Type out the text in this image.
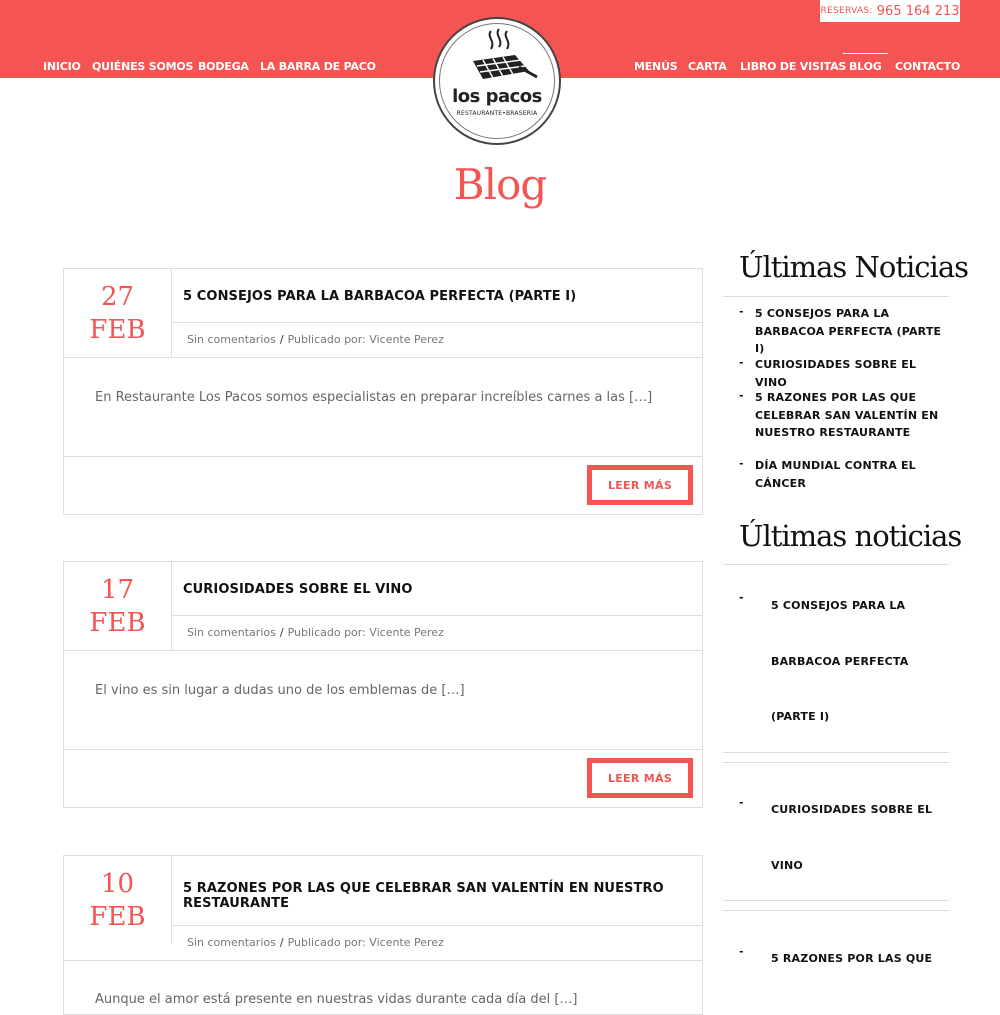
RESERVAS: 965 164 213
INICIO QUIÉNES SOMOS BODEGA LA BARRA DE PACO	MENÚS CARTA LIBRO DE VISITAS BLOG CONTACTO
los pacos
RESTAURANTE•BRASERIA
Blog
27
FEB
5 CONSEJOS PARA LA BARBACOA PERFECTA (PARTE I)
Sin comentarios / Publicado por: Vicente Perez
En Restaurante Los Pacos somos especialistas en preparar increíbles carnes a las […]
LEER MÁS
17
FEB
CURIOSIDADES SOBRE EL VINO
Sin comentarios / Publicado por: Vicente Perez
El vino es sin lugar a dudas uno de los emblemas de […]
LEER MÁS
10
FEB
5 RAZONES POR LAS QUE CELEBRAR SAN VALENTÍN EN NUESTRO RESTAURANTE
Sin comentarios / Publicado por: Vicente Perez
Aunque el amor está presente en nuestras vidas durante cada día del […]
Últimas Noticias
- 5 CONSEJOS PARA LA BARBACOA PERFECTA (PARTE I)
- CURIOSIDADES SOBRE EL VINO
- 5 RAZONES POR LAS QUE CELEBRAR SAN VALENTÍN EN NUESTRO RESTAURANTE
- DÍA MUNDIAL CONTRA EL CÁNCER
Últimas noticias
-
5 CONSEJOS PARA LA BARBACOA PERFECTA (PARTE I)
-
CURIOSIDADES SOBRE EL VINO
-
5 RAZONES POR LAS QUE
